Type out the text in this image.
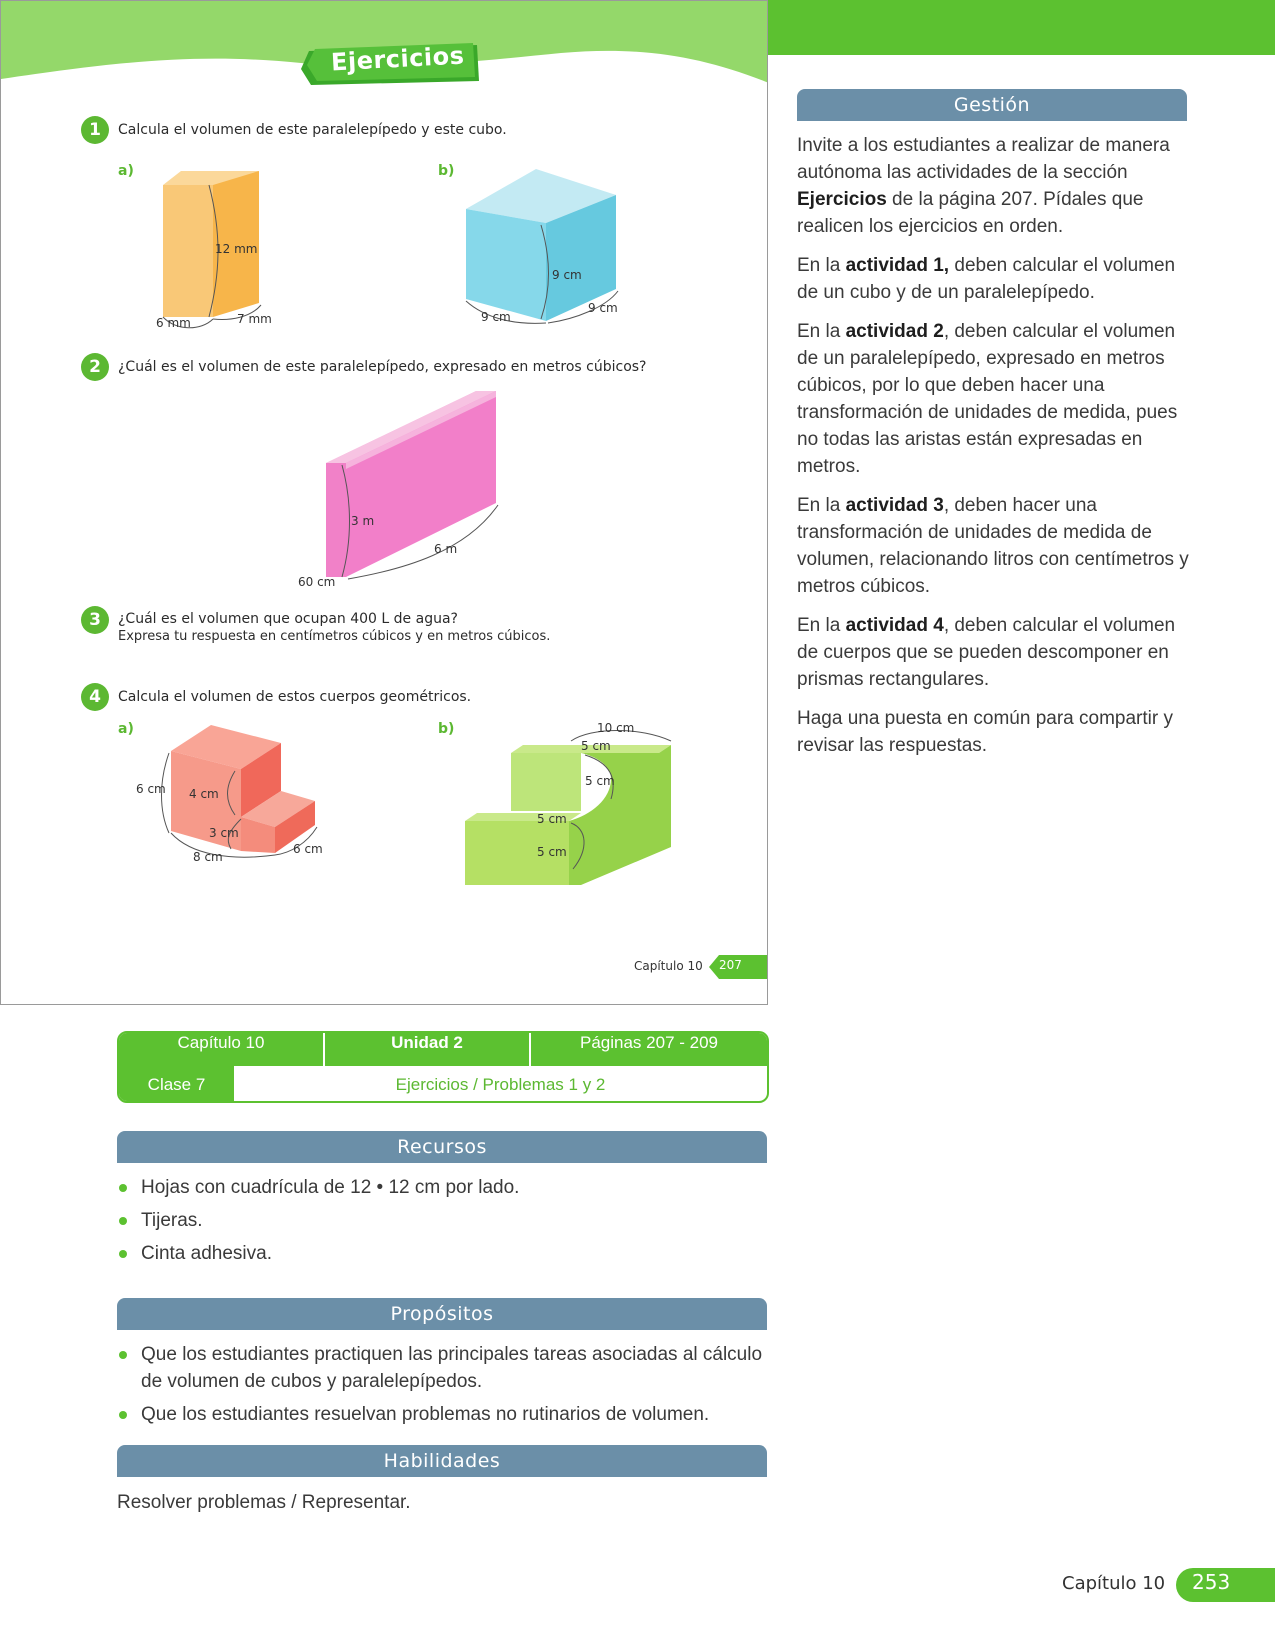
Ejercicios
1	Calcula el volumen de este paralelepípedo y este cubo.
a)	b)
12 mm
6 mm	7 mm
9 cm
9 cm
9 cm
2	¿Cuál es el volumen de este paralelepípedo, expresado en metros cúbicos?
3 m
6 m
60 cm
3	¿Cuál es el volumen que ocupan 400 L de agua?
Expresa tu respuesta en centímetros cúbicos y en metros cúbicos.
4	Calcula el volumen de estos cuerpos geométricos.
a)	b)
6 cm 4 cm
3 cm
8 cm
6 cm
10 cm
5 cm
5 cm
5 cm
5 cm
Capítulo 10 207
Gestión

Invite a los estudiantes a realizar de manera autónoma las actividades de la sección Ejercicios de la página 207. Pídales que realicen los ejercicios en orden.

En la actividad 1, deben calcular el volumen de un cubo y de un paralelepípedo.

En la actividad 2, deben calcular el volumen de un paralelepípedo, expresado en metros cúbicos, por lo que deben hacer una transformación de unidades de medida, pues no todas las aristas están expresadas en metros.

En la actividad 3, deben hacer una transformación de unidades de medida de volumen, relacionando litros con centímetros y metros cúbicos.

En la actividad 4, deben calcular el volumen de cuerpos que se pueden descomponer en prismas rectangulares.

Haga una puesta en común para compartir y revisar las respuestas.

Capítulo 10	Unidad 2	Páginas 207 - 209
Clase 7	Ejercicios / Problemas 1 y 2
Recursos
Hojas con cuadrícula de 12 • 12 cm por lado.
Tijeras.
Cinta adhesiva.
Propósitos
Que los estudiantes practiquen las principales tareas asociadas al cálculo de volumen de cubos y paralelepípedos.
Que los estudiantes resuelvan problemas no rutinarios de volumen.
Habilidades
Resolver problemas / Representar.
Capítulo 10 253
